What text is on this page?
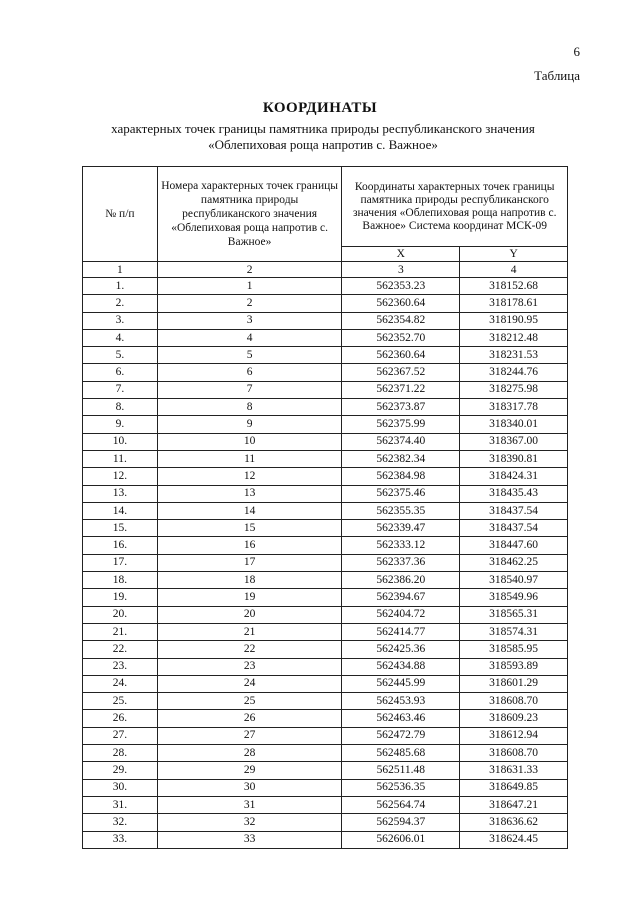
6
Таблица
КООРДИНАТЫ
характерных точек границы памятника природы республиканского значения «Облепиховая роща напротив с. Важное»
№ п/п	Номера характерных точек границы памятника природы республиканского значения «Облепиховая роща напротив с. Важное»	Координаты характерных точек границы памятника природы республиканского значения «Облепиховая роща напротив с. Важное» Система координат МСК-09	
		X	Y
1	2	3	4
1.	1	562353.23	318152.68
2.	2	562360.64	318178.61
3.	3	562354.82	318190.95
4.	4	562352.70	318212.48
5.	5	562360.64	318231.53
6.	6	562367.52	318244.76
7.	7	562371.22	318275.98
8.	8	562373.87	318317.78
9.	9	562375.99	318340.01
10.	10	562374.40	318367.00
11.	11	562382.34	318390.81
12.	12	562384.98	318424.31
13.	13	562375.46	318435.43
14.	14	562355.35	318437.54
15.	15	562339.47	318437.54
16.	16	562333.12	318447.60
17.	17	562337.36	318462.25
18.	18	562386.20	318540.97
19.	19	562394.67	318549.96
20.	20	562404.72	318565.31
21.	21	562414.77	318574.31
22.	22	562425.36	318585.95
23.	23	562434.88	318593.89
24.	24	562445.99	318601.29
25.	25	562453.93	318608.70
26.	26	562463.46	318609.23
27.	27	562472.79	318612.94
28.	28	562485.68	318608.70
29.	29	562511.48	318631.33
30.	30	562536.35	318649.85
31.	31	562564.74	318647.21
32.	32	562594.37	318636.62
33.	33	562606.01	318624.45
